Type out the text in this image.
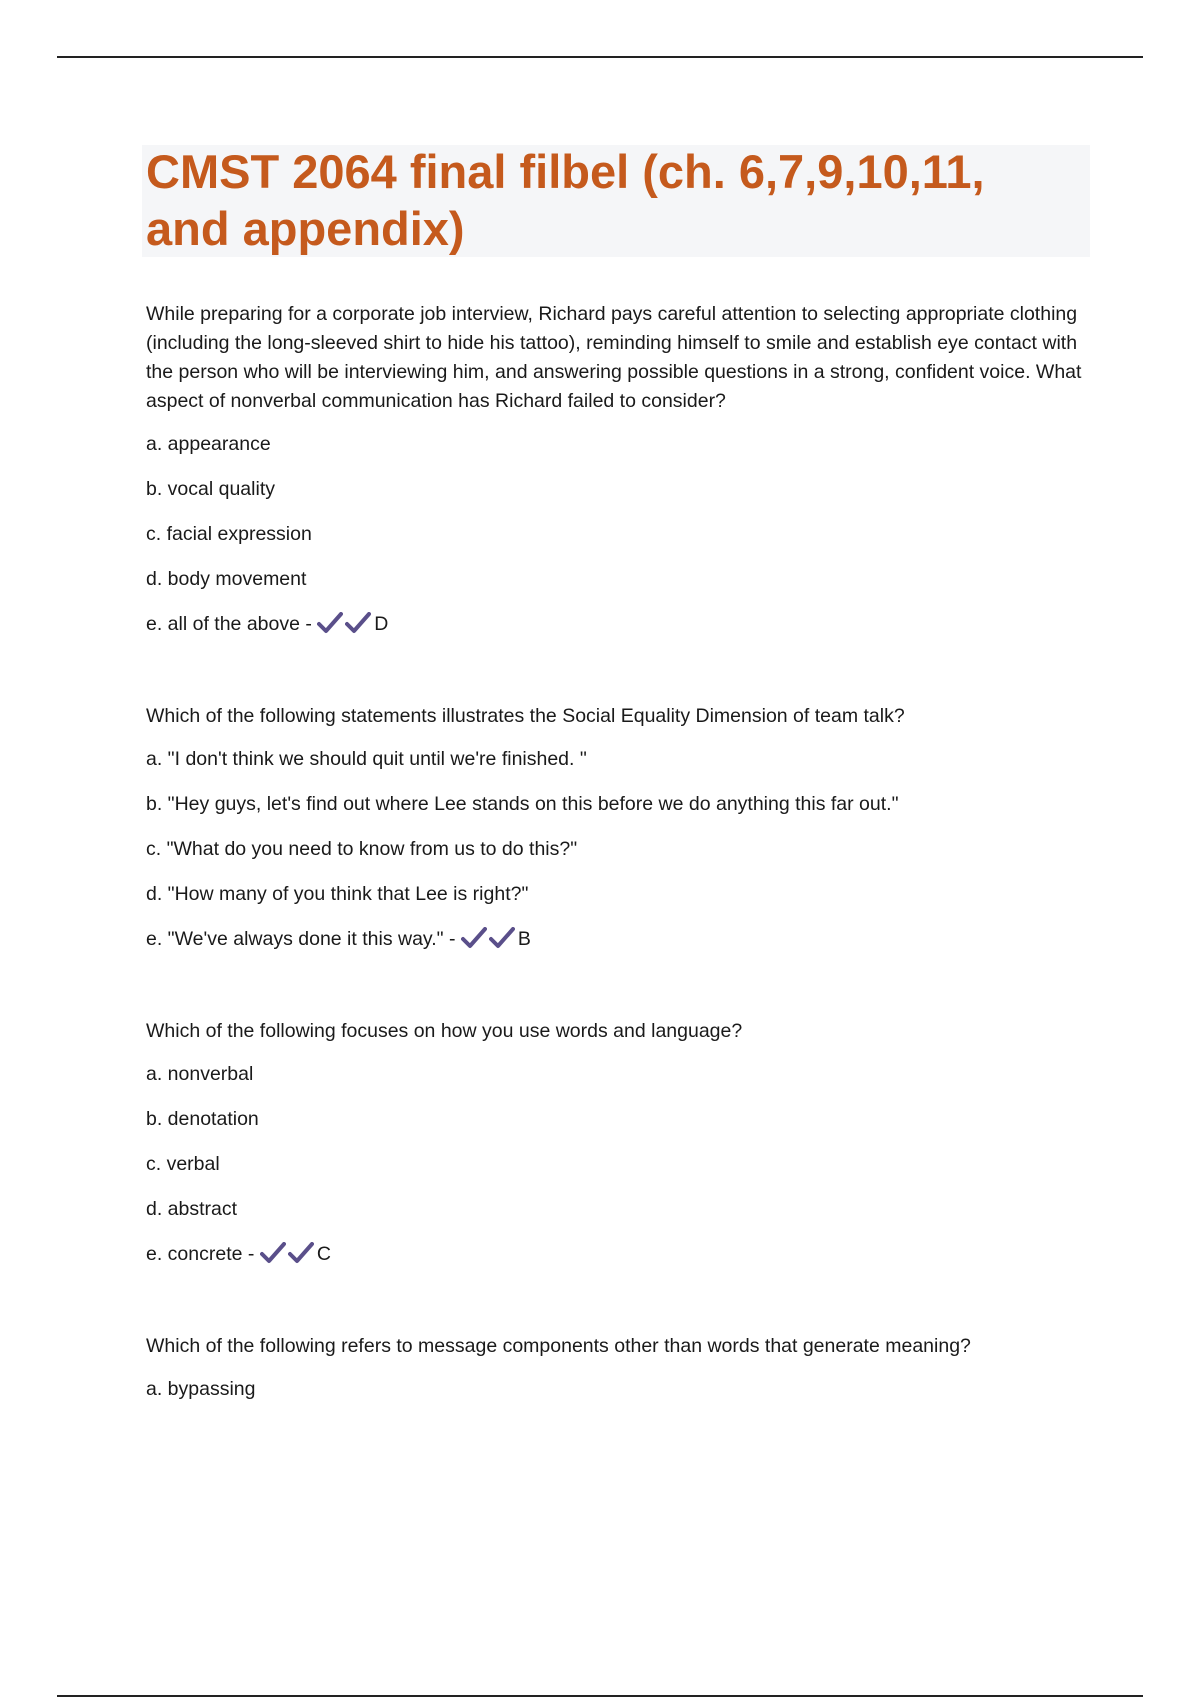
CMST 2064 final filbel (ch. 6,7,9,10,11, and appendix)

While preparing for a corporate job interview, Richard pays careful attention to selecting appropriate clothing (including the long-sleeved shirt to hide his tattoo), reminding himself to smile and establish eye contact with the person who will be interviewing him, and answering possible questions in a strong, confident voice. What aspect of nonverbal communication has Richard failed to consider?

a. appearance

b. vocal quality

c. facial expression

d. body movement

e. all of the above -	D

Which of the following statements illustrates the Social Equality Dimension of team talk?

a. "I don't think we should quit until we're finished. "

b. "Hey guys, let's find out where Lee stands on this before we do anything this far out."

c. "What do you need to know from us to do this?"

d. "How many of you think that Lee is right?"

e. "We've always done it this way." -	B

Which of the following focuses on how you use words and language?

a. nonverbal

b. denotation

c. verbal

d. abstract

e. concrete -	C

Which of the following refers to message components other than words that generate meaning?

a. bypassing
